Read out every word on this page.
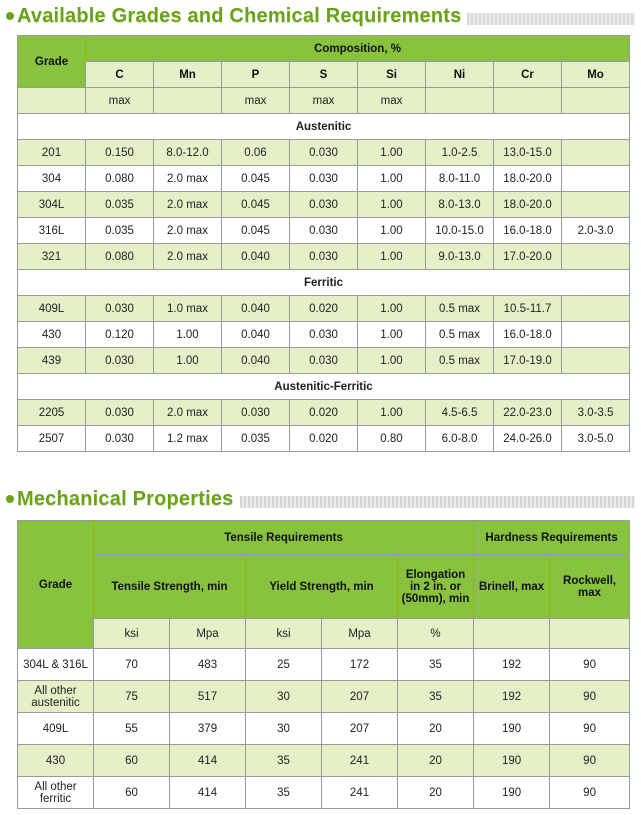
Available Grades and Chemical Requirements
Grade	Composition, %							
	C	Mn	P	S	Si	Ni	Cr	Mo
	max		max	max	max			
Austenitic								
201	0.150	8.0-12.0	0.06	0.030	1.00	1.0-2.5	13.0-15.0	
304	0.080	2.0 max	0.045	0.030	1.00	8.0-11.0	18.0-20.0	
304L	0.035	2.0 max	0.045	0.030	1.00	8.0-13.0	18.0-20.0	
316L	0.035	2.0 max	0.045	0.030	1.00	10.0-15.0	16.0-18.0	2.0-3.0
321	0.080	2.0 max	0.040	0.030	1.00	9.0-13.0	17.0-20.0	
Ferritic								
409L	0.030	1.0 max	0.040	0.020	1.00	0.5 max	10.5-11.7	
430	0.120	1.00	0.040	0.030	1.00	0.5 max	16.0-18.0	
439	0.030	1.00	0.040	0.030	1.00	0.5 max	17.0-19.0	
Austenitic-Ferritic								
2205	0.030	2.0 max	0.030	0.020	1.00	4.5-6.5	22.0-23.0	3.0-3.5
2507	0.030	1.2 max	0.035	0.020	0.80	6.0-8.0	24.0-26.0	3.0-5.0
Mechanical Properties
Grade	Tensile Requirements					Hardness Requirements	
	Tensile Strength, min		Yield Strength, min		Elongation in 2 in. or (50mm), min	Brinell, max	Rockwell, max
	ksi	Mpa	ksi	Mpa	%		
304L & 316L	70	483	25	172	35	192	90
All other austenitic	75	517	30	207	35	192	90
409L	55	379	30	207	20	190	90
430	60	414	35	241	20	190	90
All other ferritic	60	414	35	241	20	190	90
